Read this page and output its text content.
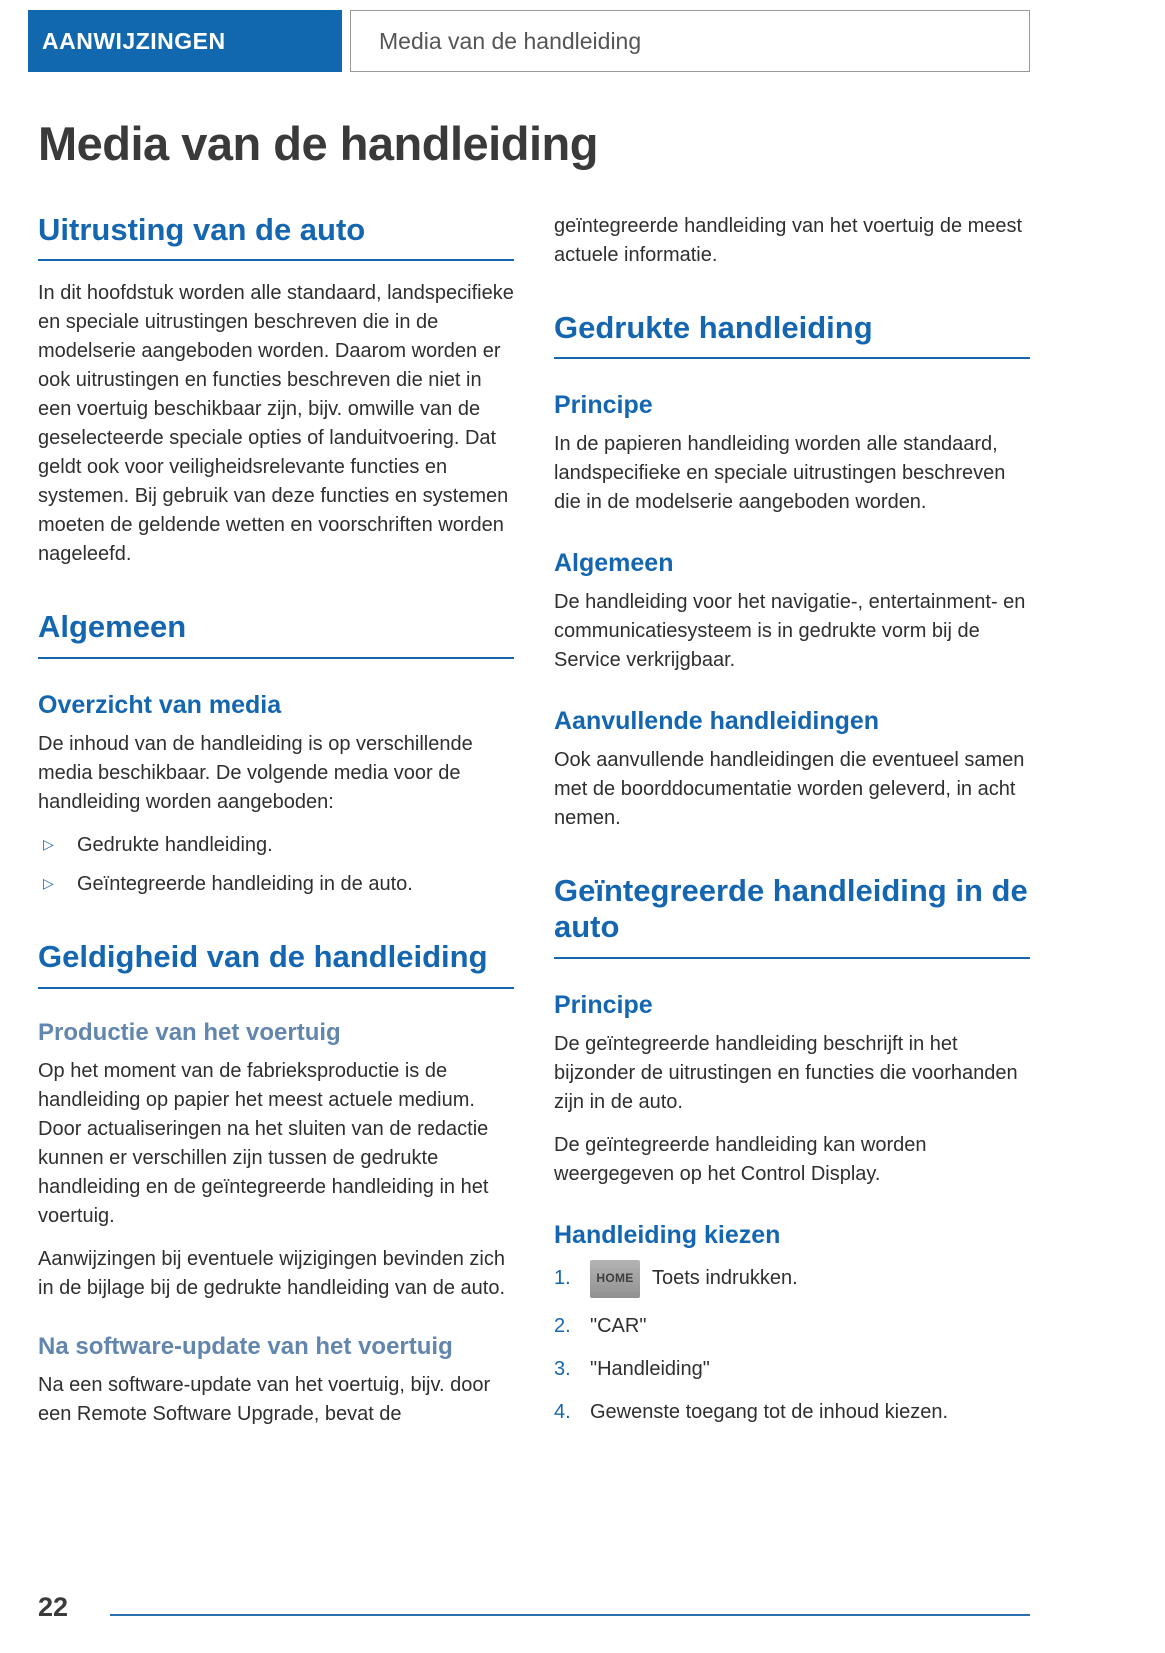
AANWIJZINGEN	Media van de handleiding
Media van de handleiding
Uitrusting van de auto

In dit hoofdstuk worden alle standaard, landspecifieke en speciale uitrustingen beschreven die in de modelserie aangeboden worden. Daarom worden er ook uitrustingen en functies beschreven die niet in een voertuig beschikbaar zijn, bijv. omwille van de geselecteerde speciale opties of landuitvoering. Dat geldt ook voor veiligheidsrelevante functies en systemen. Bij gebruik van deze functies en systemen moeten de geldende wetten en voorschriften worden nageleefd.

Algemeen
Overzicht van media

De inhoud van de handleiding is op verschillende media beschikbaar. De volgende media voor de handleiding worden aangeboden:

▷	Gedrukte handleiding.
▷	Geïntegreerde handleiding in de auto.
Geldigheid van de handleiding
Productie van het voertuig

Op het moment van de fabrieksproductie is de handleiding op papier het meest actuele medium. Door actualiseringen na het sluiten van de redactie kunnen er verschillen zijn tussen de gedrukte handleiding en de geïntegreerde handleiding in het voertuig.

Aanwijzingen bij eventuele wijzigingen bevinden zich in de bijlage bij de gedrukte handleiding van de auto.

Na software-update van het voertuig

Na een software-update van het voertuig, bijv. door een Remote Software Upgrade, bevat de

geïntegreerde handleiding van het voertuig de meest actuele informatie.

Gedrukte handleiding
Principe

In de papieren handleiding worden alle standaard, landspecifieke en speciale uitrustingen beschreven die in de modelserie aangeboden worden.

Algemeen

De handleiding voor het navigatie-, entertainment- en communicatiesysteem is in gedrukte vorm bij de Service verkrijgbaar.

Aanvullende handleidingen

Ook aanvullende handleidingen die eventueel samen met de boorddocumentatie worden geleverd, in acht nemen.

Geïntegreerde handleiding in de auto
Principe

De geïntegreerde handleiding beschrijft in het bijzonder de uitrustingen en functies die voorhanden zijn in de auto.

De geïntegreerde handleiding kan worden weergegeven op het Control Display.

Handleiding kiezen
1.	HOME Toets indrukken.
2. "CAR"
3. "Handleiding"
4. Gewenste toegang tot de inhoud kiezen.
22
